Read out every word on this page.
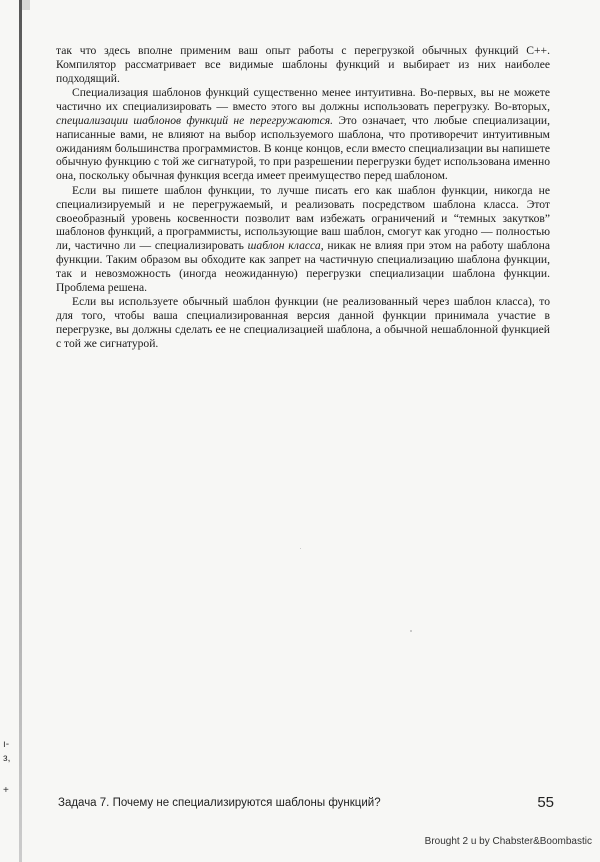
так что здесь вполне применим ваш опыт работы с перегрузкой обычных функций C++. Компилятор рассматривает все видимые шаблоны функций и выбирает из них наиболее подходящий.

Специализация шаблонов функций существенно менее интуитивна. Во-первых, вы не можете частично их специализировать — вместо этого вы должны использовать перегрузку. Во-вторых, специализации шаблонов функций не перегружаются. Это означает, что любые специализации, написанные вами, не влияют на выбор используемого шаблона, что противоречит интуитивным ожиданиям большинства программистов. В конце концов, если вместо специализации вы напишете обычную функцию с той же сигнатурой, то при разрешении перегрузки будет использована именно она, поскольку обычная функция всегда имеет преимущество перед шаблоном.

Если вы пишете шаблон функции, то лучше писать его как шаблон функции, никогда не специализируемый и не перегружаемый, и реализовать посредством шаблона класса. Этот своеобразный уровень косвенности позволит вам избежать ограничений и “темных закутков” шаблонов функций, а программисты, использующие ваш шаблон, смогут как угодно — полностью ли, частично ли — специализировать шаблон класса, никак не влияя при этом на работу шаблона функции. Таким образом вы обходите как запрет на частичную специализацию шаблона функции, так и невозможность (иногда неожиданную) перегрузки специализации шаблона функции. Проблема решена.

Если вы используете обычный шаблон функции (не реализованный через шаблон класса), то для того, чтобы ваша специализированная версия данной функции принимала участие в перегрузке, вы должны сделать ее не специализацией шаблона, а обычной нешаблонной функцией с той же сигнатурой.

ı-
з,
+
Задача 7. Почему не специализируются шаблоны функций?	55
Brought 2 u by Chabster&Boombastic
